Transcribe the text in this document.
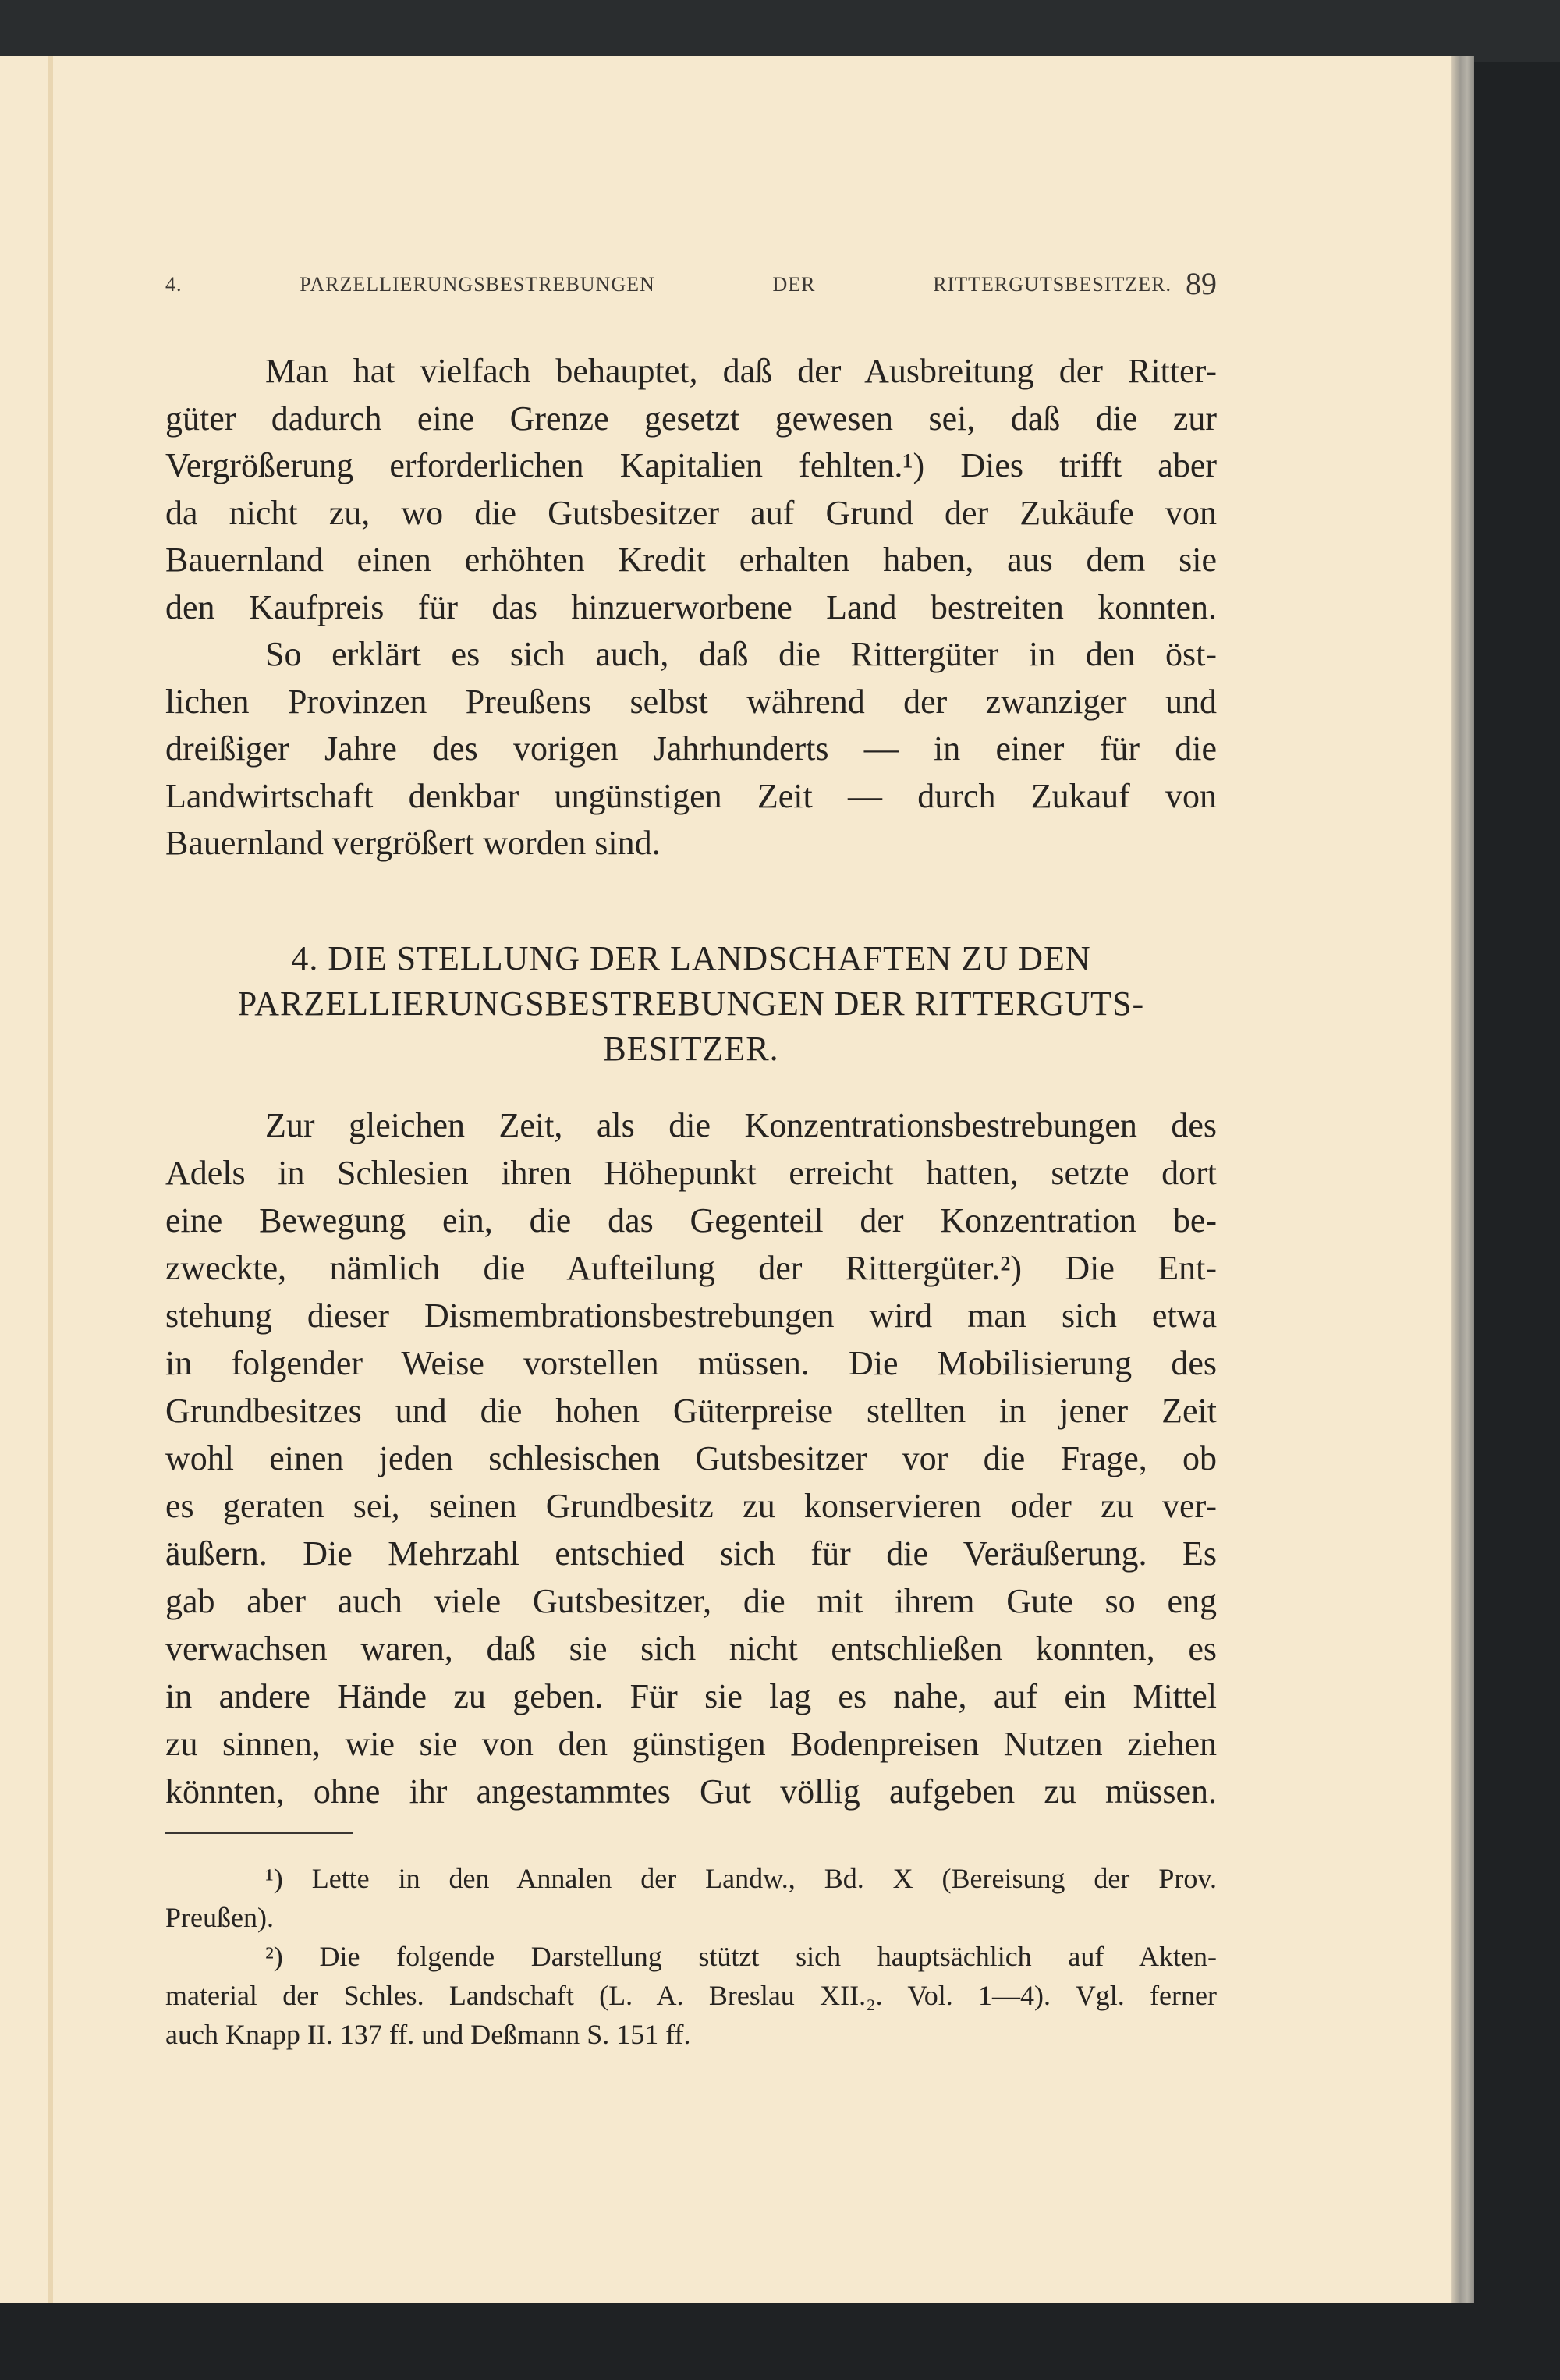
4. PARZELLIERUNGSBESTREBUNGEN DER RITTERGUTSBESITZER. 89
Man hat vielfach behauptet, daß der Ausbreitung der Ritter-
güter dadurch eine Grenze gesetzt gewesen sei, daß die zur
Vergrößerung erforderlichen Kapitalien fehlten.¹) Dies trifft aber
da nicht zu, wo die Gutsbesitzer auf Grund der Zukäufe von
Bauernland einen erhöhten Kredit erhalten haben, aus dem sie
den Kaufpreis für das hinzuerworbene Land bestreiten konnten.
So erklärt es sich auch, daß die Rittergüter in den öst-
lichen Provinzen Preußens selbst während der zwanziger und
dreißiger Jahre des vorigen Jahrhunderts — in einer für die
Landwirtschaft denkbar ungünstigen Zeit — durch Zukauf von
Bauernland vergrößert worden sind.
4. DIE STELLUNG DER LANDSCHAFTEN ZU DEN
PARZELLIERUNGSBESTREBUNGEN DER RITTERGUTS-
BESITZER.
Zur gleichen Zeit, als die Konzentrationsbestrebungen des
Adels in Schlesien ihren Höhepunkt erreicht hatten, setzte dort
eine Bewegung ein, die das Gegenteil der Konzentration be-
zweckte, nämlich die Aufteilung der Rittergüter.²) Die Ent-
stehung dieser Dismembrationsbestrebungen wird man sich etwa
in folgender Weise vorstellen müssen. Die Mobilisierung des
Grundbesitzes und die hohen Güterpreise stellten in jener Zeit
wohl einen jeden schlesischen Gutsbesitzer vor die Frage, ob
es geraten sei, seinen Grundbesitz zu konservieren oder zu ver-
äußern. Die Mehrzahl entschied sich für die Veräußerung. Es
gab aber auch viele Gutsbesitzer, die mit ihrem Gute so eng
verwachsen waren, daß sie sich nicht entschließen konnten, es
in andere Hände zu geben. Für sie lag es nahe, auf ein Mittel
zu sinnen, wie sie von den günstigen Bodenpreisen Nutzen ziehen
könnten, ohne ihr angestammtes Gut völlig aufgeben zu müssen.
¹) Lette in den Annalen der Landw., Bd. X (Bereisung der Prov.
Preußen).
²) Die folgende Darstellung stützt sich hauptsächlich auf Akten-
material der Schles. Landschaft (L. A. Breslau XII.₂. Vol. 1—4). Vgl. ferner
auch Knapp II. 137 ff. und Deßmann S. 151 ff.
